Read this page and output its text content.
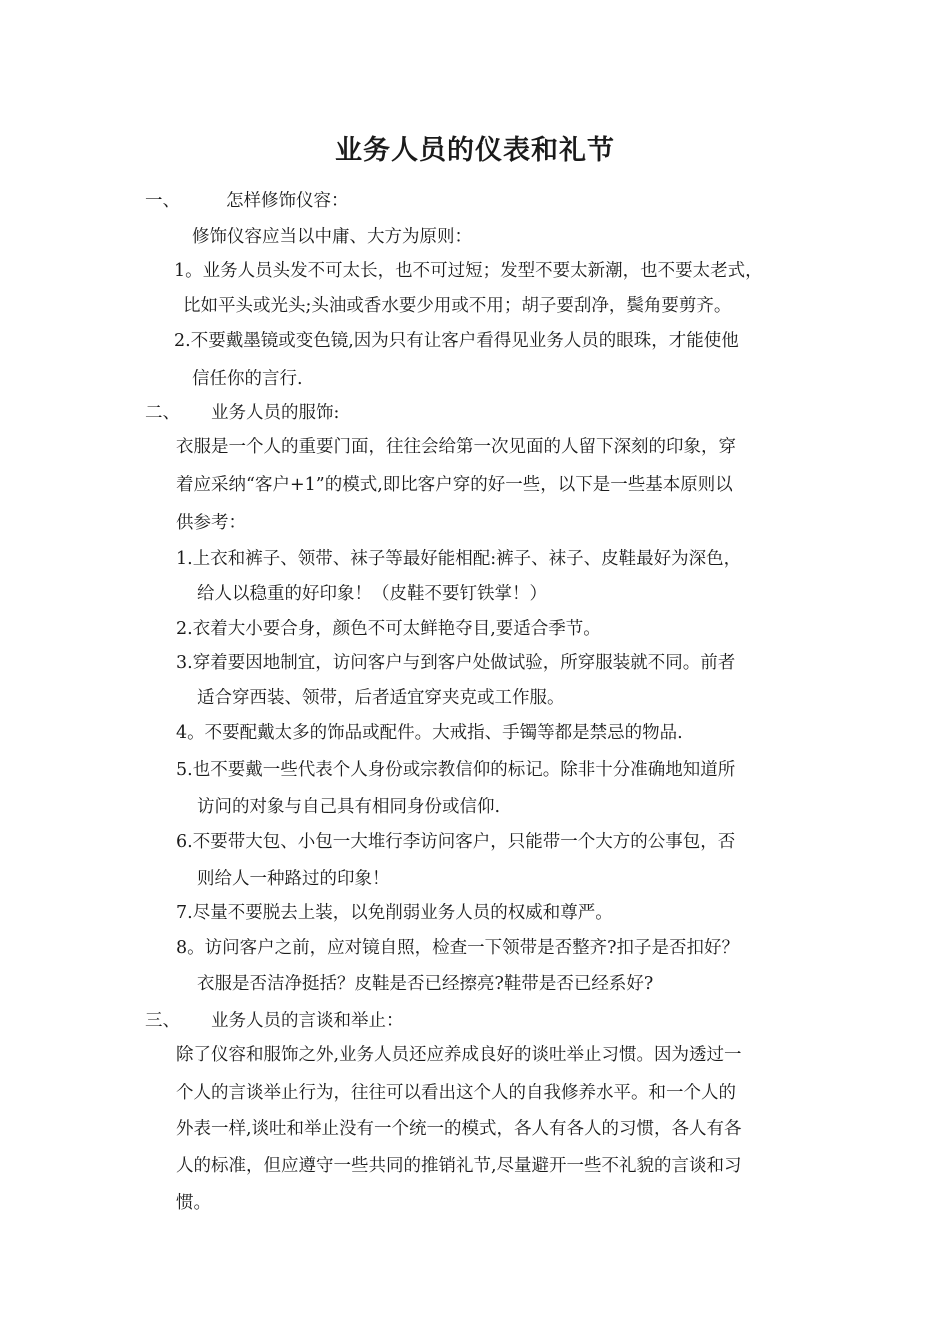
业务人员的仪表和礼节
一、	怎样修饰仪容：
修饰仪容应当以中庸、大方为原则：
1。业务人员头发不可太长，也不可过短；发型不要太新潮，也不要太老式，
比如平头或光头;头油或香水要少用或不用；胡子要刮净，鬓角要剪齐。
2.不要戴墨镜或变色镜,因为只有让客户看得见业务人员的眼珠，才能使他
信任你的言行.
二、 业务人员的服饰:
衣服是一个人的重要门面，往往会给第一次见面的人留下深刻的印象，穿
着应采纳“客户+1”的模式,即比客户穿的好一些，以下是一些基本原则以
供参考：
1.上衣和裤子、领带、袜子等最好能相配:裤子、袜子、皮鞋最好为深色，
给人以稳重的好印象！（皮鞋不要钉铁掌！）
2.衣着大小要合身，颜色不可太鲜艳夺目,要适合季节。
3.穿着要因地制宜，访问客户与到客户处做试验，所穿服装就不同。前者
适合穿西装、领带，后者适宜穿夹克或工作服。
4。不要配戴太多的饰品或配件。大戒指、手镯等都是禁忌的物品.
5.也不要戴一些代表个人身份或宗教信仰的标记。除非十分准确地知道所
访问的对象与自己具有相同身份或信仰.
6.不要带大包、小包一大堆行李访问客户，只能带一个大方的公事包，否
则给人一种路过的印象！
7.尽量不要脱去上装，以免削弱业务人员的权威和尊严。
8。访问客户之前，应对镜自照，检查一下领带是否整齐?扣子是否扣好？
衣服是否洁净挺括？皮鞋是否已经擦亮?鞋带是否已经系好?
三、 业务人员的言谈和举止：
除了仪容和服饰之外,业务人员还应养成良好的谈吐举止习惯。因为透过一
个人的言谈举止行为，往往可以看出这个人的自我修养水平。和一个人的
外表一样,谈吐和举止没有一个统一的模式，各人有各人的习惯，各人有各
人的标准，但应遵守一些共同的推销礼节,尽量避开一些不礼貌的言谈和习
惯。
